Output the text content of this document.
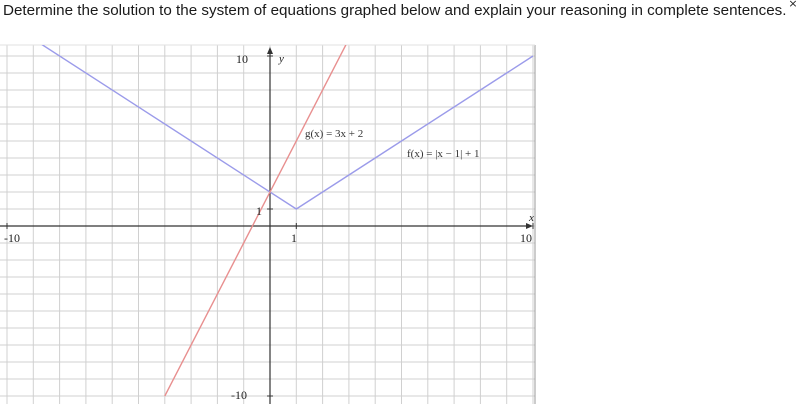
Determine the solution to the system of equations graphed below and explain your reasoning in complete sentences. ×
-10	1	10
10
1
-10
x
y
g(x) = 3x + 2
f(x) = |x − 1| + 1
